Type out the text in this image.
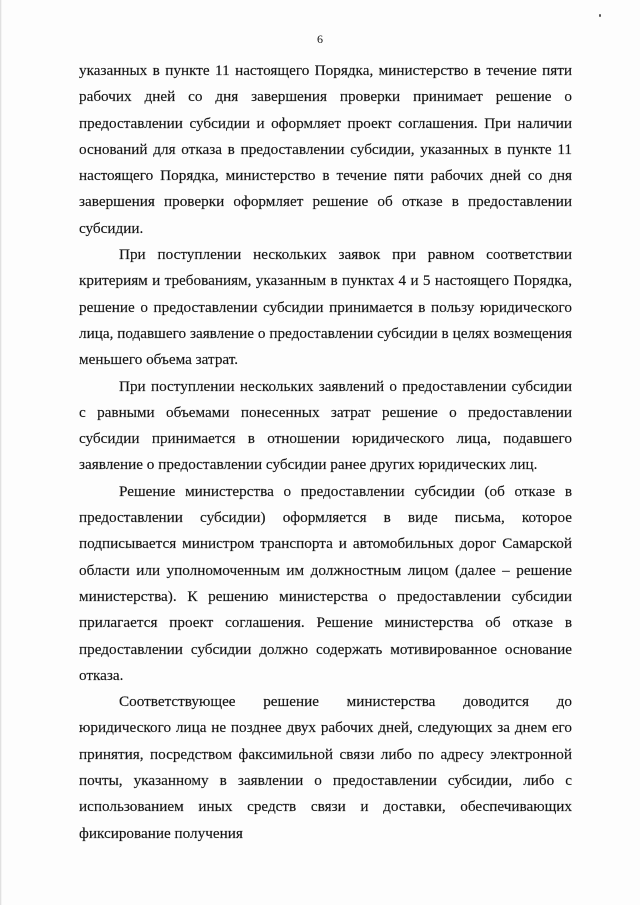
6

указанных в пункте 11 настоящего Порядка, министерство в течение пяти рабочих дней со дня завершения проверки принимает решение о предоставлении субсидии и оформляет проект соглашения. При наличии оснований для отказа в предоставлении субсидии, указанных в пункте 11 настоящего Порядка, министерство в течение пяти рабочих дней со дня завершения проверки оформляет решение об отказе в предоставлении субсидии.

При поступлении нескольких заявок при равном соответствии критериям и требованиям, указанным в пунктах 4 и 5 настоящего Порядка, решение о предоставлении субсидии принимается в пользу юридического лица, подавшего заявление о предоставлении субсидии в целях возмещения меньшего объема затрат.

При поступлении нескольких заявлений о предоставлении субсидии с равными объемами понесенных затрат решение о предоставлении субсидии принимается в отношении юридического лица, подавшего заявление о предоставлении субсидии ранее других юридических лиц.

Решение министерства о предоставлении субсидии (об отказе в предоставлении субсидии) оформляется в виде письма, которое подписывается министром транспорта и автомобильных дорог Самарской области или уполномоченным им должностным лицом (далее – решение министерства). К решению министерства о предоставлении субсидии прилагается проект соглашения. Решение министерства об отказе в предоставлении субсидии должно содержать мотивированное основание отказа.

Соответствующее решение министерства доводится до юридического лица не позднее двух рабочих дней, следующих за днем его принятия, посредством факсимильной связи либо по адресу электронной почты, указанному в заявлении о предоставлении субсидии, либо с использованием иных средств связи и доставки, обеспечивающих фиксирование получения
